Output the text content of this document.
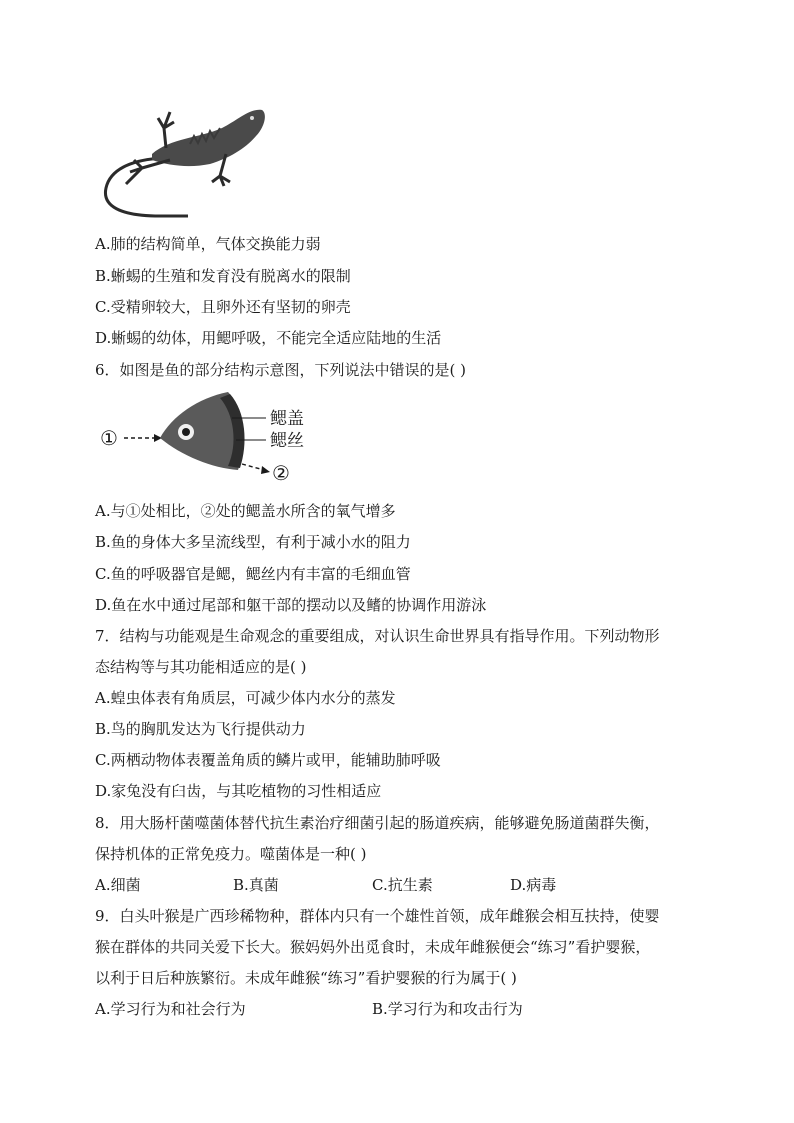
A.肺的结构简单，气体交换能力弱
B.蜥蜴的生殖和发育没有脱离水的限制
C.受精卵较大，且卵外还有坚韧的卵壳
D.蜥蜴的幼体，用鳃呼吸，不能完全适应陆地的生活
6．如图是鱼的部分结构示意图，下列说法中错误的是( )
①
鳃盖
鳃丝
②
A.与①处相比，②处的鳃盖水所含的氧气增多
B.鱼的身体大多呈流线型，有利于减小水的阻力
C.鱼的呼吸器官是鳃，鳃丝内有丰富的毛细血管
D.鱼在水中通过尾部和躯干部的摆动以及鳍的协调作用游泳
7．结构与功能观是生命观念的重要组成，对认识生命世界具有指导作用。下列动物形
态结构等与其功能相适应的是( )
A.蝗虫体表有角质层，可减少体内水分的蒸发
B.鸟的胸肌发达为飞行提供动力
C.两栖动物体表覆盖角质的鳞片或甲，能辅助肺呼吸
D.家兔没有臼齿，与其吃植物的习性相适应
8．用大肠杆菌噬菌体替代抗生素治疗细菌引起的肠道疾病，能够避免肠道菌群失衡，
保持机体的正常免疫力。噬菌体是一种( )
A.细菌	B.真菌	C.抗生素	D.病毒
9．白头叶猴是广西珍稀物种，群体内只有一个雄性首领，成年雌猴会相互扶持，使婴
猴在群体的共同关爱下长大。猴妈妈外出觅食时，未成年雌猴便会“练习”看护婴猴，
以利于日后种族繁衍。未成年雌猴“练习”看护婴猴的行为属于( )
A.学习行为和社会行为	B.学习行为和攻击行为
